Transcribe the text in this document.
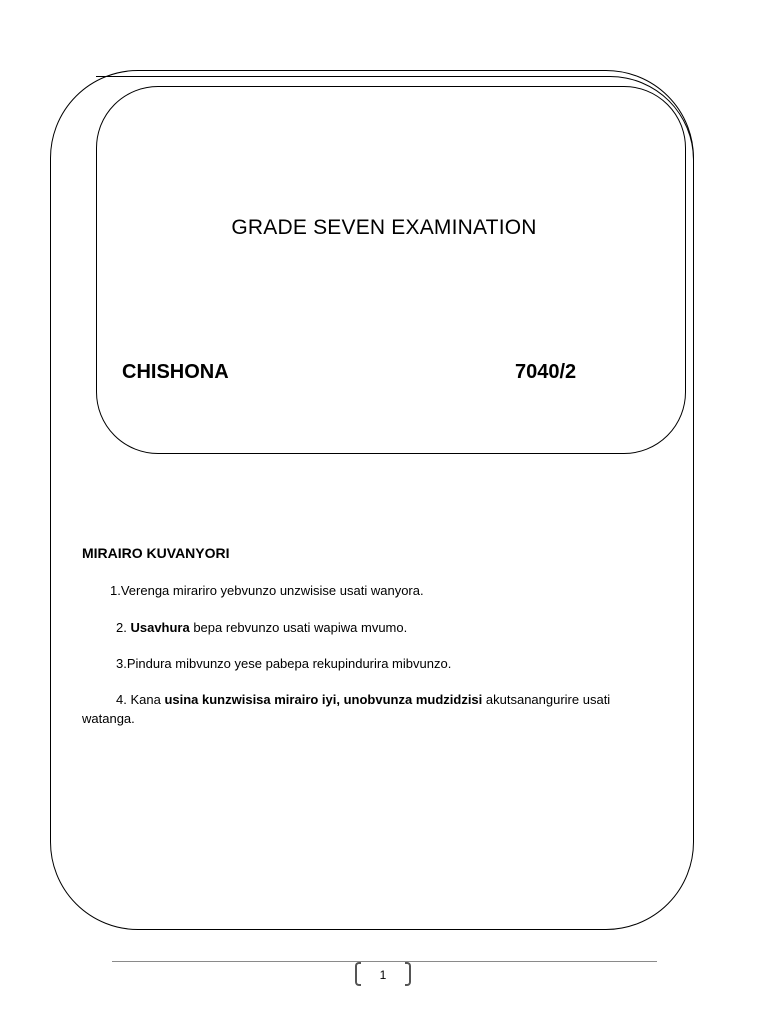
GRADE SEVEN EXAMINATION
CHISHONA	7040/2
MIRAIRO KUVANYORI
1.Verenga mirariro yebvunzo unzwisise usati wanyora.
2. Usavhura bepa rebvunzo usati wapiwa mvumo.
3.Pindura mibvunzo yese pabepa rekupindurira mibvunzo.
4. Kana usina kunzwisisa mirairo iyi, unobvunza mudzidzisi akutsanangurire usati watanga.
1
